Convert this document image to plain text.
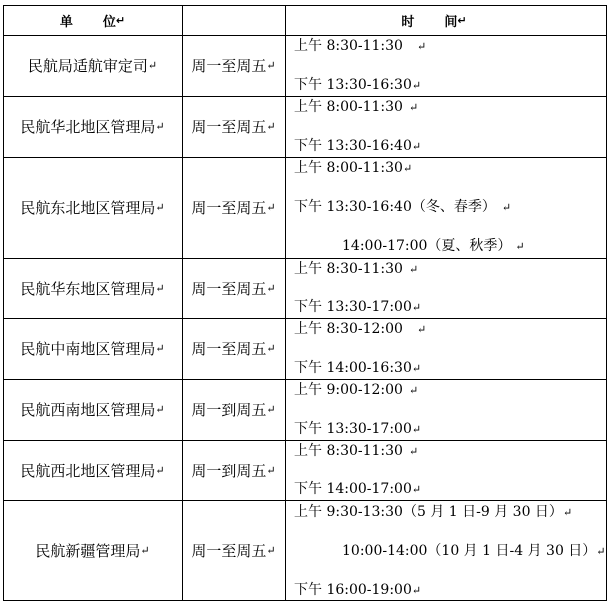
单 位 ↵	时 间 ↵
民航局适航审定司 ↵ 周一至周五 ↵
上午 8:30-11:30 ↵
下午 13:30-16:30↵
民航华北地区管理局 ↵ 周一至周五 ↵
上午 8:00-11:30 ↵
下午 13:30-16:40↵
民航东北地区管理局 ↵ 周一至周五 ↵
上午 8:00-11:30↵
下午 13:30-16:40（冬、春季） ↵
14:00-17:00（夏、秋季） ↵
民航华东地区管理局 ↵ 周一至周五 ↵
上午 8:30-11:30 ↵
下午 13:30-17:00↵
民航中南地区管理局 ↵ 周一至周五 ↵
上午 8:30-12:00 ↵
下午 14:00-16:30↵
民航西南地区管理局 ↵ 周一到周五 ↵
上午 9:00-12:00 ↵
下午 13:30-17:00↵
民航西北地区管理局 ↵ 周一到周五 ↵
上午 8:30-11:30 ↵
下午 14:00-17:00↵
民航新疆管理局 ↵	周一至周五 ↵
上午 9:30-13:30（5 月 1 日-9 月 30 日）↵
10:00-14:00（10 月 1 日-4 月 30 日）↵
下午 16:00-19:00↵
